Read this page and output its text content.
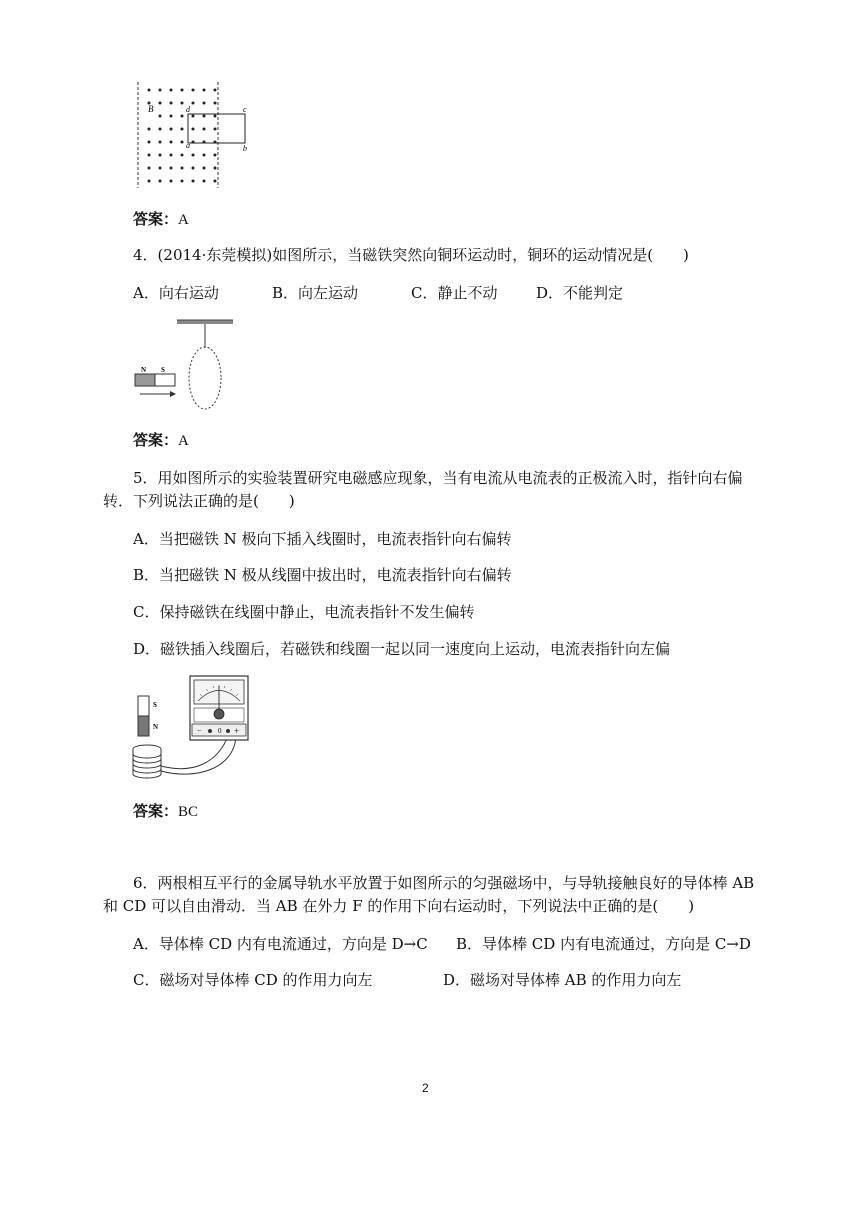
B	d	c
a	b
答案：A
4．(2014·东莞模拟)如图所示，当磁铁突然向铜环运动时，铜环的运动情况是(　　)
A．向右运动	B．向左运动	C．静止不动	D．不能判定
N S
答案：A
5．用如图所示的实验装置研究电磁感应现象，当有电流从电流表的正极流入时，指针向右偏
转．下列说法正确的是(　　)
A．当把磁铁 N 极向下插入线圈时，电流表指针向右偏转
B．当把磁铁 N 极从线圈中拔出时，电流表指针向右偏转
C．保持磁铁在线圈中静止，电流表指针不发生偏转
D．磁铁插入线圈后，若磁铁和线圈一起以同一速度向上运动，电流表指针向左偏
S
N	− 0 +
答案：BC
6．两根相互平行的金属导轨水平放置于如图所示的匀强磁场中，与导轨接触良好的导体棒 AB
和 CD 可以自由滑动．当 AB 在外力 F 的作用下向右运动时，下列说法中正确的是(　　)
A．导体棒 CD 内有电流通过，方向是 D→C B．导体棒 CD 内有电流通过，方向是 C→D
C．磁场对导体棒 CD 的作用力向左	D．磁场对导体棒 AB 的作用力向左
2
